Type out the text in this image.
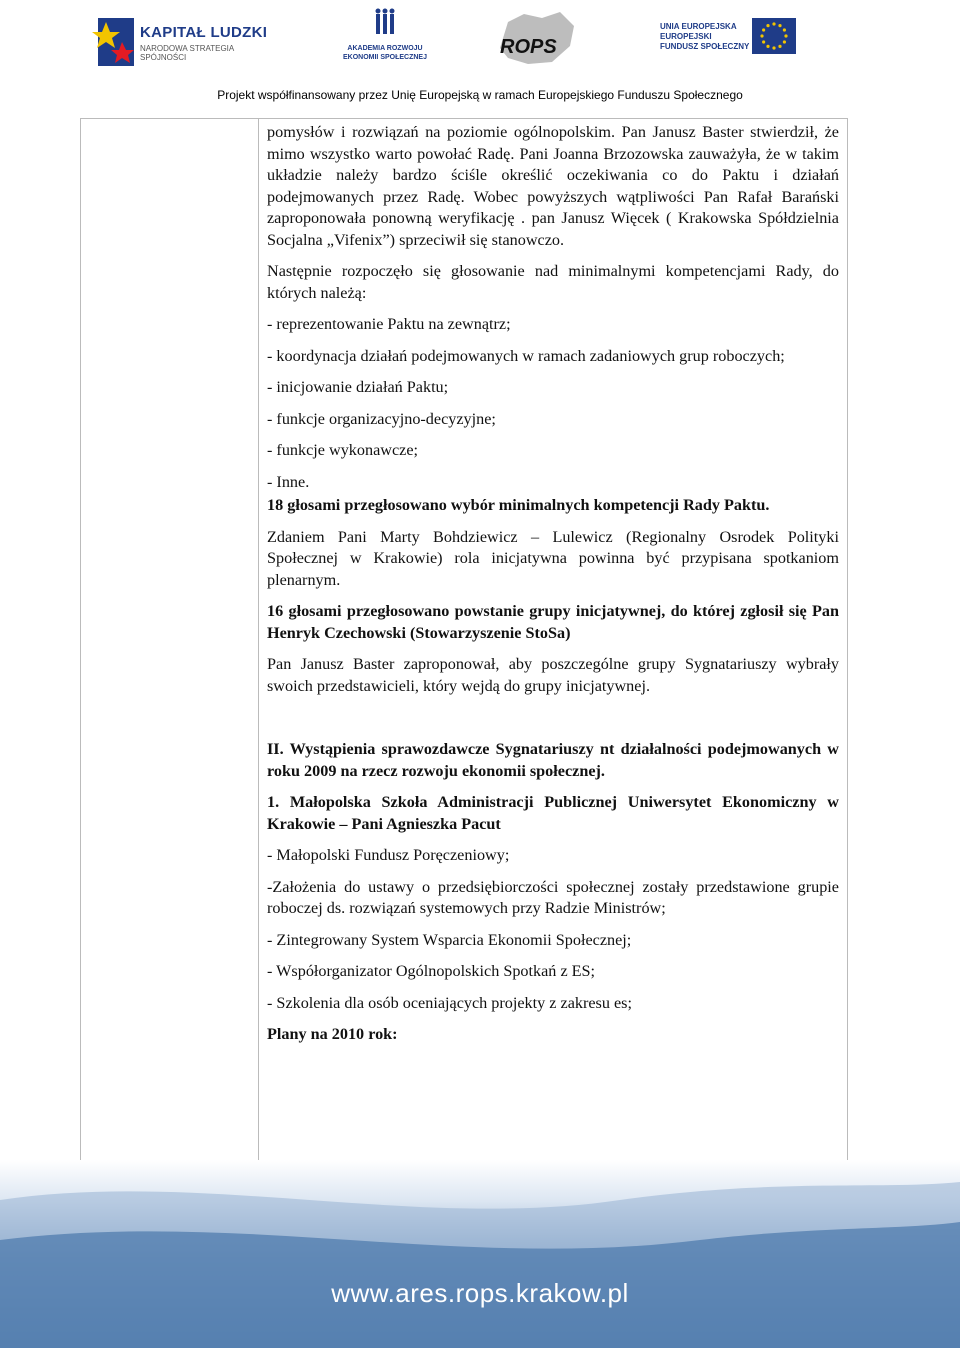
KAPITAŁ LUDZKI
NARODOWA STRATEGIA SPÓJNOŚCI
AKADEMIA ROZWOJU
EKONOMII SPOŁECZNEJ	ROPS
UNIA EUROPEJSKA
EUROPEJSKI
FUNDUSZ SPOŁECZNY
Projekt współfinansowany przez Unię Europejską w ramach Europejskiego Funduszu Społecznego

pomysłów i rozwiązań na poziomie ogólnopolskim. Pan Janusz Baster stwierdził, że mimo wszystko warto powołać Radę. Pani Joanna Brzozowska zauważyła, że w takim układzie należy bardzo ściśle określić oczekiwania co do Paktu i działań podejmowanych przez Radę. Wobec powyższych wątpliwości Pan Rafał Barański zaproponowała ponowną weryfikację . pan Janusz Więcek ( Krakowska Spółdzielnia Socjalna „Vifenix”) sprzeciwił się stanowczo.

Następnie rozpoczęło się głosowanie nad minimalnymi kompetencjami Rady, do których należą:

- reprezentowanie Paktu na zewnątrz;

- koordynacja działań podejmowanych w ramach zadaniowych grup roboczych;

- inicjowanie działań Paktu;

- funkcje organizacyjno-decyzyjne;

- funkcje wykonawcze;

- Inne.

18 głosami przegłosowano wybór minimalnych kompetencji Rady Paktu.

Zdaniem Pani Marty Bohdziewicz – Lulewicz (Regionalny Osrodek Polityki Społecznej w Krakowie) rola inicjatywna powinna być przypisana spotkaniom plenarnym.

16 głosami przegłosowano powstanie grupy inicjatywnej, do której zgłosił się Pan Henryk Czechowski (Stowarzyszenie StoSa)

Pan Janusz Baster zaproponował, aby poszczególne grupy Sygnatariuszy wybrały swoich przedstawicieli, który wejdą do grupy inicjatywnej.

II. Wystąpienia sprawozdawcze Sygnatariuszy nt działalności podejmowanych w roku 2009 na rzecz rozwoju ekonomii społecznej.

1. Małopolska Szkoła Administracji Publicznej Uniwersytet Ekonomiczny w Krakowie – Pani Agnieszka Pacut

- Małopolski Fundusz Poręczeniowy;

-Założenia do ustawy o przedsiębiorczości społecznej zostały przedstawione grupie roboczej ds. rozwiązań systemowych przy Radzie Ministrów;

- Zintegrowany System Wsparcia Ekonomii Społecznej;

- Współorganizator Ogólnopolskich Spotkań z ES;

- Szkolenia dla osób oceniających projekty z zakresu es;

Plany na 2010 rok:

www.ares.rops.krakow.pl
